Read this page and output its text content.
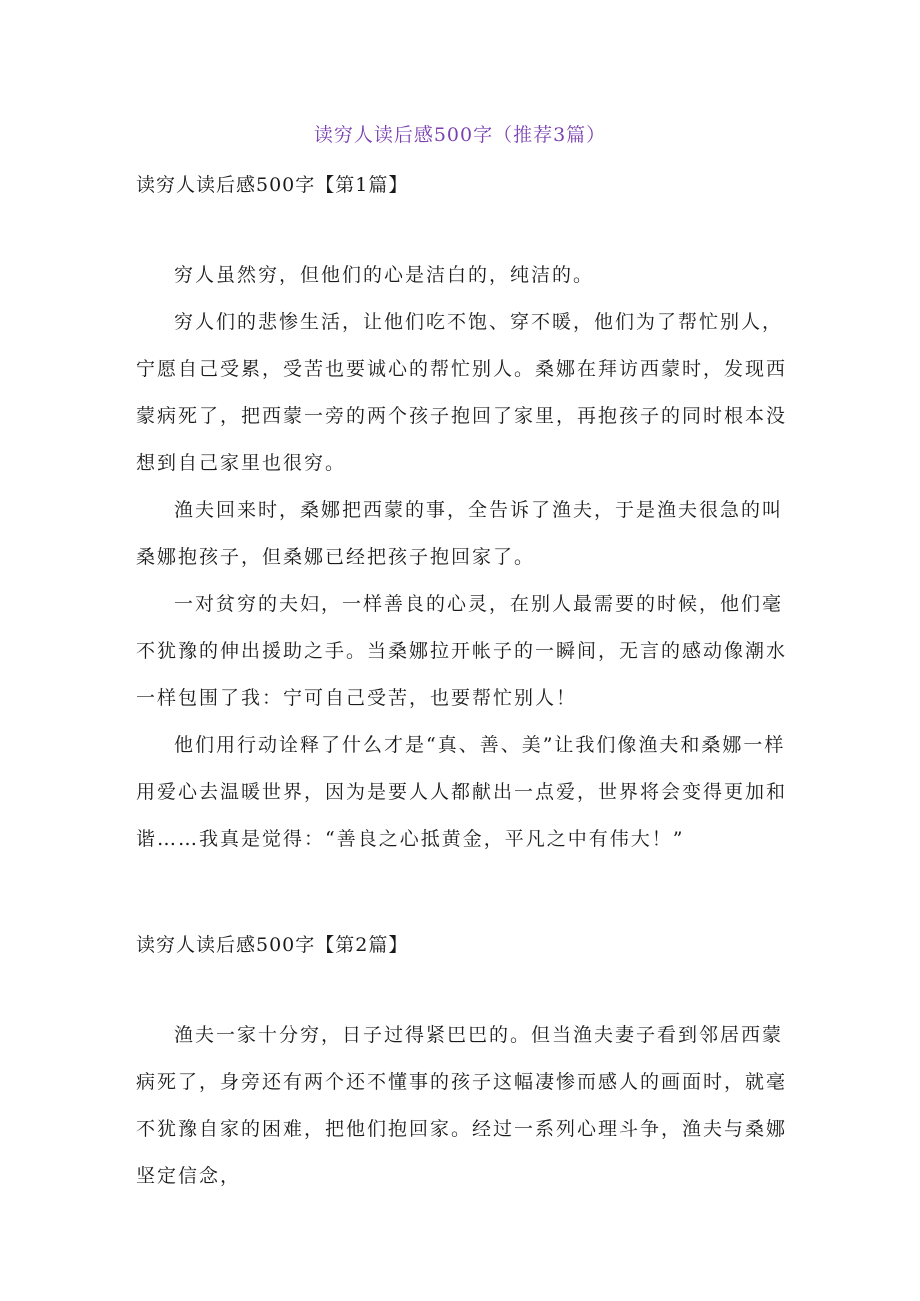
读穷人读后感500字（推荐3篇）
读穷人读后感500字【第1篇】

穷人虽然穷，但他们的心是洁白的，纯洁的。

穷人们的悲惨生活，让他们吃不饱、穿不暖，他们为了帮忙别人，宁愿自己受累，受苦也要诚心的帮忙别人。桑娜在拜访西蒙时，发现西蒙病死了，把西蒙一旁的两个孩子抱回了家里，再抱孩子的同时根本没想到自己家里也很穷。

渔夫回来时，桑娜把西蒙的事，全告诉了渔夫，于是渔夫很急的叫桑娜抱孩子，但桑娜已经把孩子抱回家了。

一对贫穷的夫妇，一样善良的心灵，在别人最需要的时候，他们毫不犹豫的伸出援助之手。当桑娜拉开帐子的一瞬间，无言的感动像潮水一样包围了我：宁可自己受苦，也要帮忙别人！

他们用行动诠释了什么才是“真、善、美”让我们像渔夫和桑娜一样用爱心去温暖世界，因为是要人人都献出一点爱，世界将会变得更加和谐……我真是觉得：“善良之心抵黄金，平凡之中有伟大！”

读穷人读后感500字【第2篇】

渔夫一家十分穷，日子过得紧巴巴的。但当渔夫妻子看到邻居西蒙病死了，身旁还有两个还不懂事的孩子这幅凄惨而感人的画面时，就毫不犹豫自家的困难，把他们抱回家。经过一系列心理斗争，渔夫与桑娜坚定信念，
